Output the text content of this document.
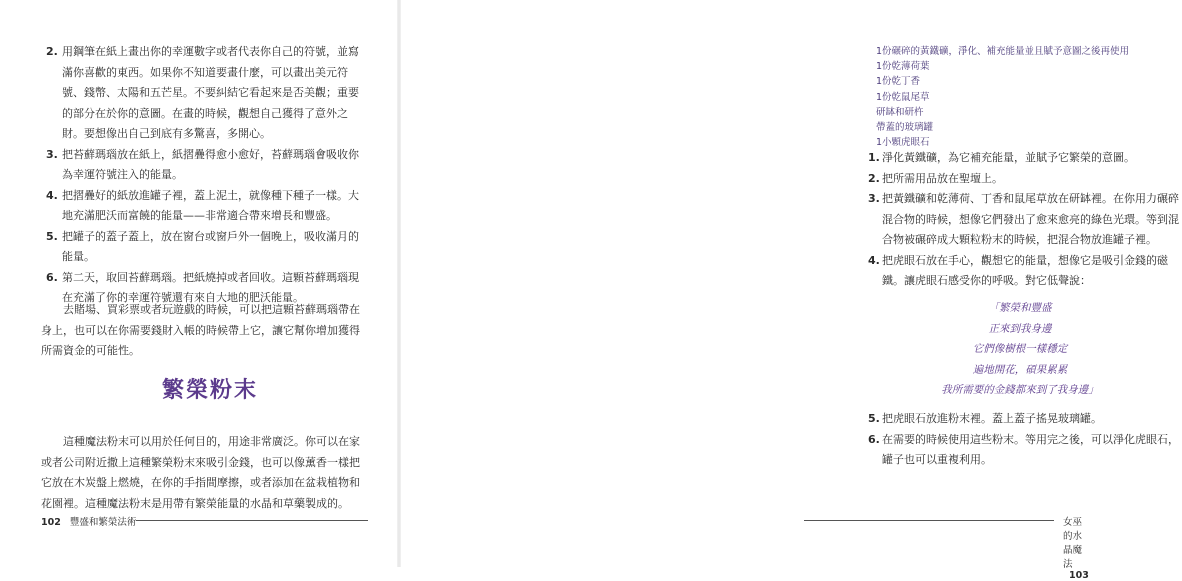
2. 用鋼筆在紙上畫出你的幸運數字或者代表你自己的符號，並寫滿你喜歡的東西。如果你不知道要畫什麼，可以畫出美元符號、錢幣、太陽和五芒星。不要糾結它看起來是否美觀；重要的部分在於你的意圖。在畫的時候，觀想自己獲得了意外之財。要想像出自己到底有多驚喜，多開心。
3. 把苔蘚瑪瑙放在紙上，紙摺疊得愈小愈好，苔蘚瑪瑙會吸收你為幸運符號注入的能量。
4. 把摺疊好的紙放進罐子裡，蓋上泥土，就像種下種子一樣。大地充滿肥沃而富饒的能量——非常適合帶來增長和豐盛。
5. 把罐子的蓋子蓋上，放在窗台或窗戶外一個晚上，吸收滿月的能量。
6. 第二天，取回苔蘚瑪瑙。把紙燒掉或者回收。這顆苔蘚瑪瑙現在充滿了你的幸運符號還有來自大地的肥沃能量。

去賭場、買彩票或者玩遊戲的時候，可以把這顆苔蘚瑪瑙帶在身上，也可以在你需要錢財入帳的時候帶上它，讓它幫你增加獲得所需資金的可能性。

繁榮粉末

這種魔法粉末可以用於任何目的，用途非常廣泛。你可以在家或者公司附近撒上這種繁榮粉末來吸引金錢，也可以像薰香一樣把它放在木炭盤上燃燒，在你的手指間摩擦，或者添加在盆栽植物和花園裡。這種魔法粉末是用帶有繁榮能量的水晶和草藥製成的。

102 豐盛和繁榮法術
1份碾碎的黃鐵礦，淨化、補充能量並且賦予意圖之後再使用
1份乾薄荷葉
1份乾丁香
1份乾鼠尾草
研缽和研杵
帶蓋的玻璃罐
1小顆虎眼石
1. 淨化黃鐵礦，為它補充能量，並賦予它繁榮的意圖。
2. 把所需用品放在聖壇上。
3. 把黃鐵礦和乾薄荷、丁香和鼠尾草放在研缽裡。在你用力碾碎混合物的時候，想像它們發出了愈來愈亮的綠色光環。等到混合物被碾碎成大顆粒粉末的時候，把混合物放進罐子裡。
4. 把虎眼石放在手心，觀想它的能量，想像它是吸引金錢的磁鐵。讓虎眼石感受你的呼吸。對它低聲說：
「繁榮和豐盛
正來到我身邊
它們像樹根一樣穩定
遍地開花，碩果累累
我所需要的金錢都來到了我身邊」
5. 把虎眼石放進粉末裡。蓋上蓋子搖晃玻璃罐。
6. 在需要的時候使用這些粉末。等用完之後，可以淨化虎眼石，罐子也可以重複利用。
女巫的水晶魔法   103
